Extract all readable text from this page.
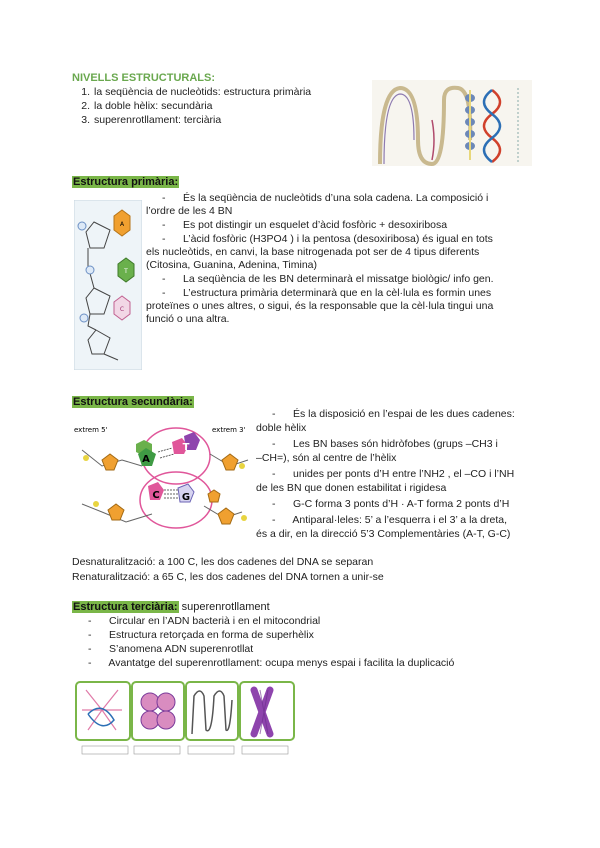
NIVELLS ESTRUCTURALS:
1. la seqüència de nucleòtids: estructura primària
2. la doble hèlix: secundària
3. superenrotllament: terciària
Estructura primària:
A
T
C
-      És la seqüència de nucleòtids d’una sola cadena. La composició i
l’ordre de les 4 BN
-      Es pot distingir un esquelet d’àcid fosfòric + desoxiribosa
-      L’àcid fosfòric (H3PO4 ) i la pentosa (desoxiribosa) és igual en tots
els nucleòtids, en canvi, la base nitrogenada pot ser de 4 tipus diferents
(Citosina, Guanina, Adenina, Timina)
-      La seqüència de les BN determinarà el missatge biològic/ info gen.
-      L’estructura primària determinarà que en la cèl·lula es formin unes
proteïnes o unes altres, o sigui, és la responsable que la cèl·lula tingui una
funció o una altra.
Estructura secundària:
extrem 5'	extrem 3'
A
T
C G
-      És la disposició en l’espai de les dues cadenes:
doble hèlix
-      Les BN bases són hidròfobes (grups –CH3 i
–CH=), són al centre de l’hèlix
-      unides per ponts d’H entre l’NH2 , el –CO i l’NH
de les BN que donen estabilitat i rigidesa
-      G-C forma 3 ponts d’H · A-T forma 2 ponts d’H
-      Antiparal·leles: 5’ a l’esquerra i el 3’ a la dreta,
és a dir, en la direcció 5’3 Complementàries (A-T, G-C)
Desnaturalització: a 100 C, les dos cadenes del DNA se separan
Renaturalització: a 65 C, les dos cadenes del DNA tornen a unir-se
Estructura terciària: superenrotllament
-      Circular en l’ADN bacterià i en el mitocondrial
-      Estructura retorçada en forma de superhèlix
-      S’anomena ADN superenrotllat
-      Avantatge del superenrotllament: ocupa menys espai i facilita la duplicació
